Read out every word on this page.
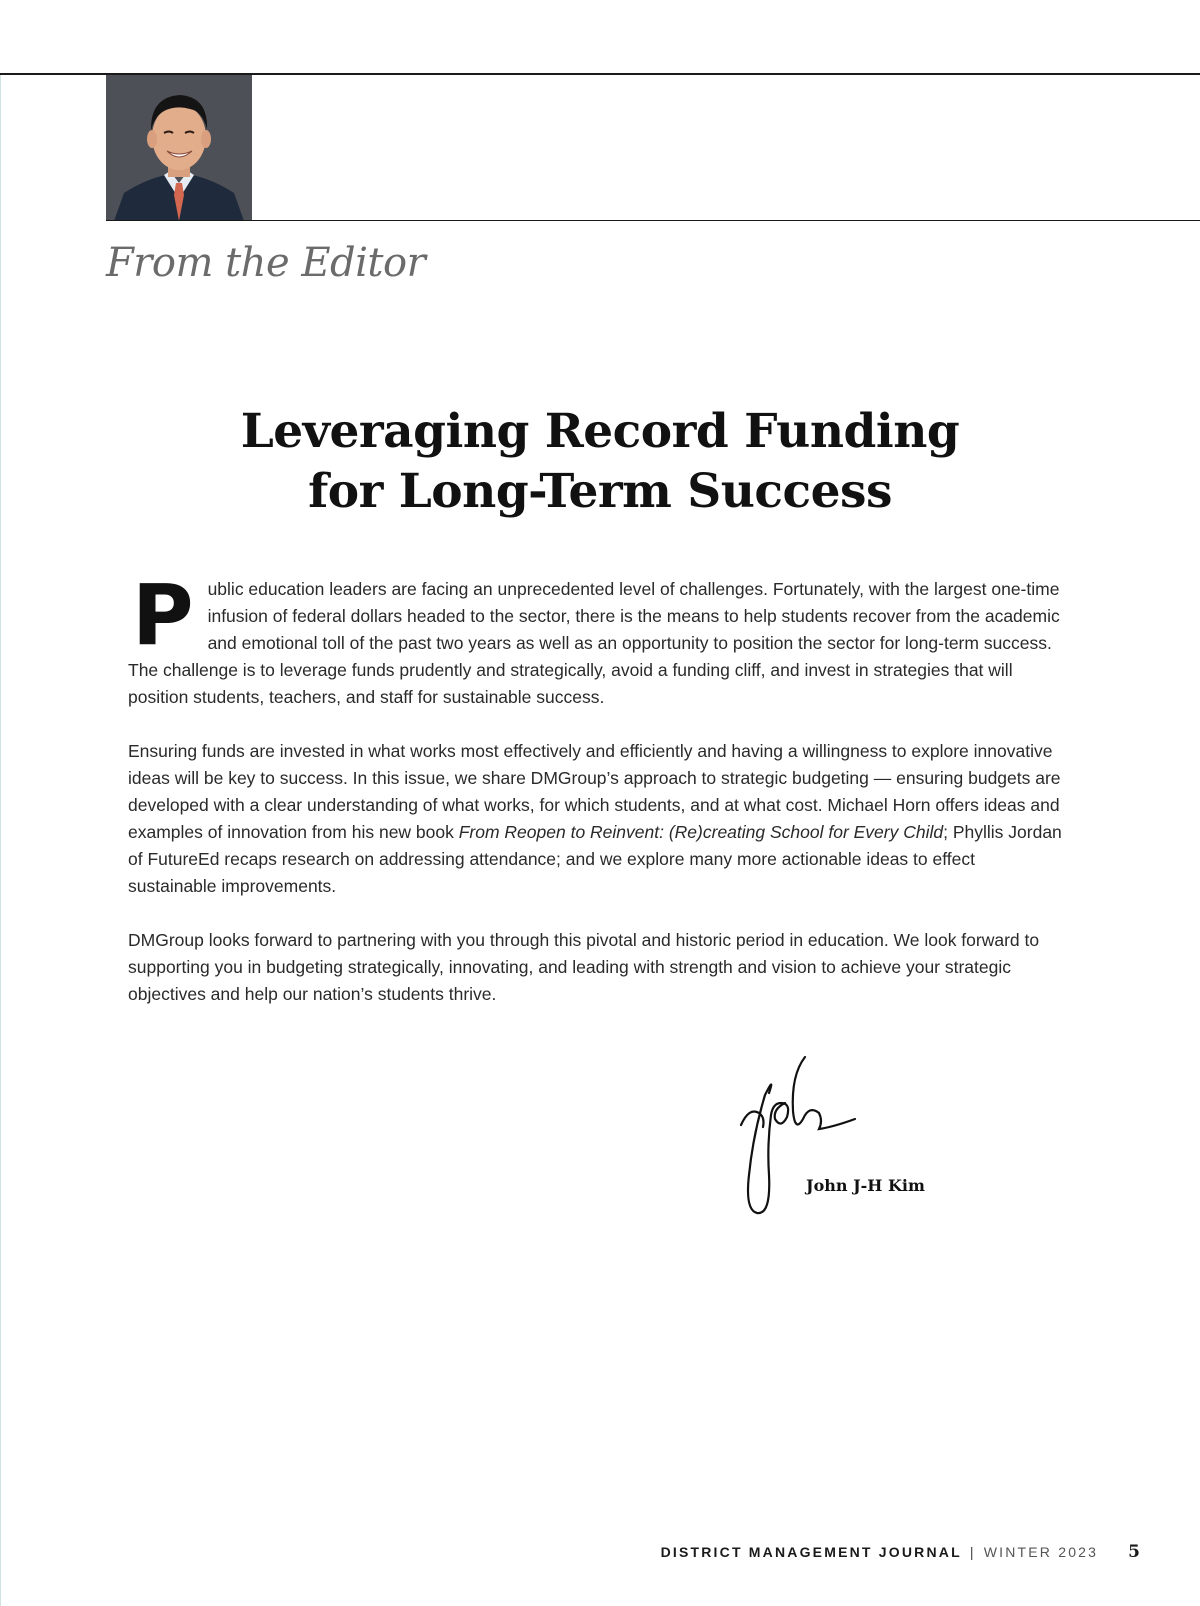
From the Editor
Leveraging Record Funding
for Long-Term Success

Public education leaders are facing an unprecedented level of challenges. Fortunately, with the largest one-time infusion of federal dollars headed to the sector, there is the means to help students recover from the academic and emotional toll of the past two years as well as an opportunity to position the sector for long-term success. The challenge is to leverage funds prudently and strategically, avoid a funding cliff, and invest in strategies that will position students, teachers, and staff for sustainable success.

Ensuring funds are invested in what works most effectively and efficiently and having a willingness to explore innovative ideas will be key to success. In this issue, we share DMGroup’s approach to strategic budgeting — ensuring budgets are developed with a clear understanding of what works, for which students, and at what cost. Michael Horn offers ideas and examples of innovation from his new book From Reopen to Reinvent: (Re)creating School for Every Child; Phyllis Jordan of FutureEd recaps research on addressing attendance; and we explore many more actionable ideas to effect sustainable improvements.

DMGroup looks forward to partnering with you through this pivotal and historic period in education. We look forward to supporting you in budgeting strategically, innovating, and leading with strength and vision to achieve your strategic objectives and help our nation’s students thrive.

John J-H Kim
DISTRICT MANAGEMENT JOURNAL | WINTER 2023 5
